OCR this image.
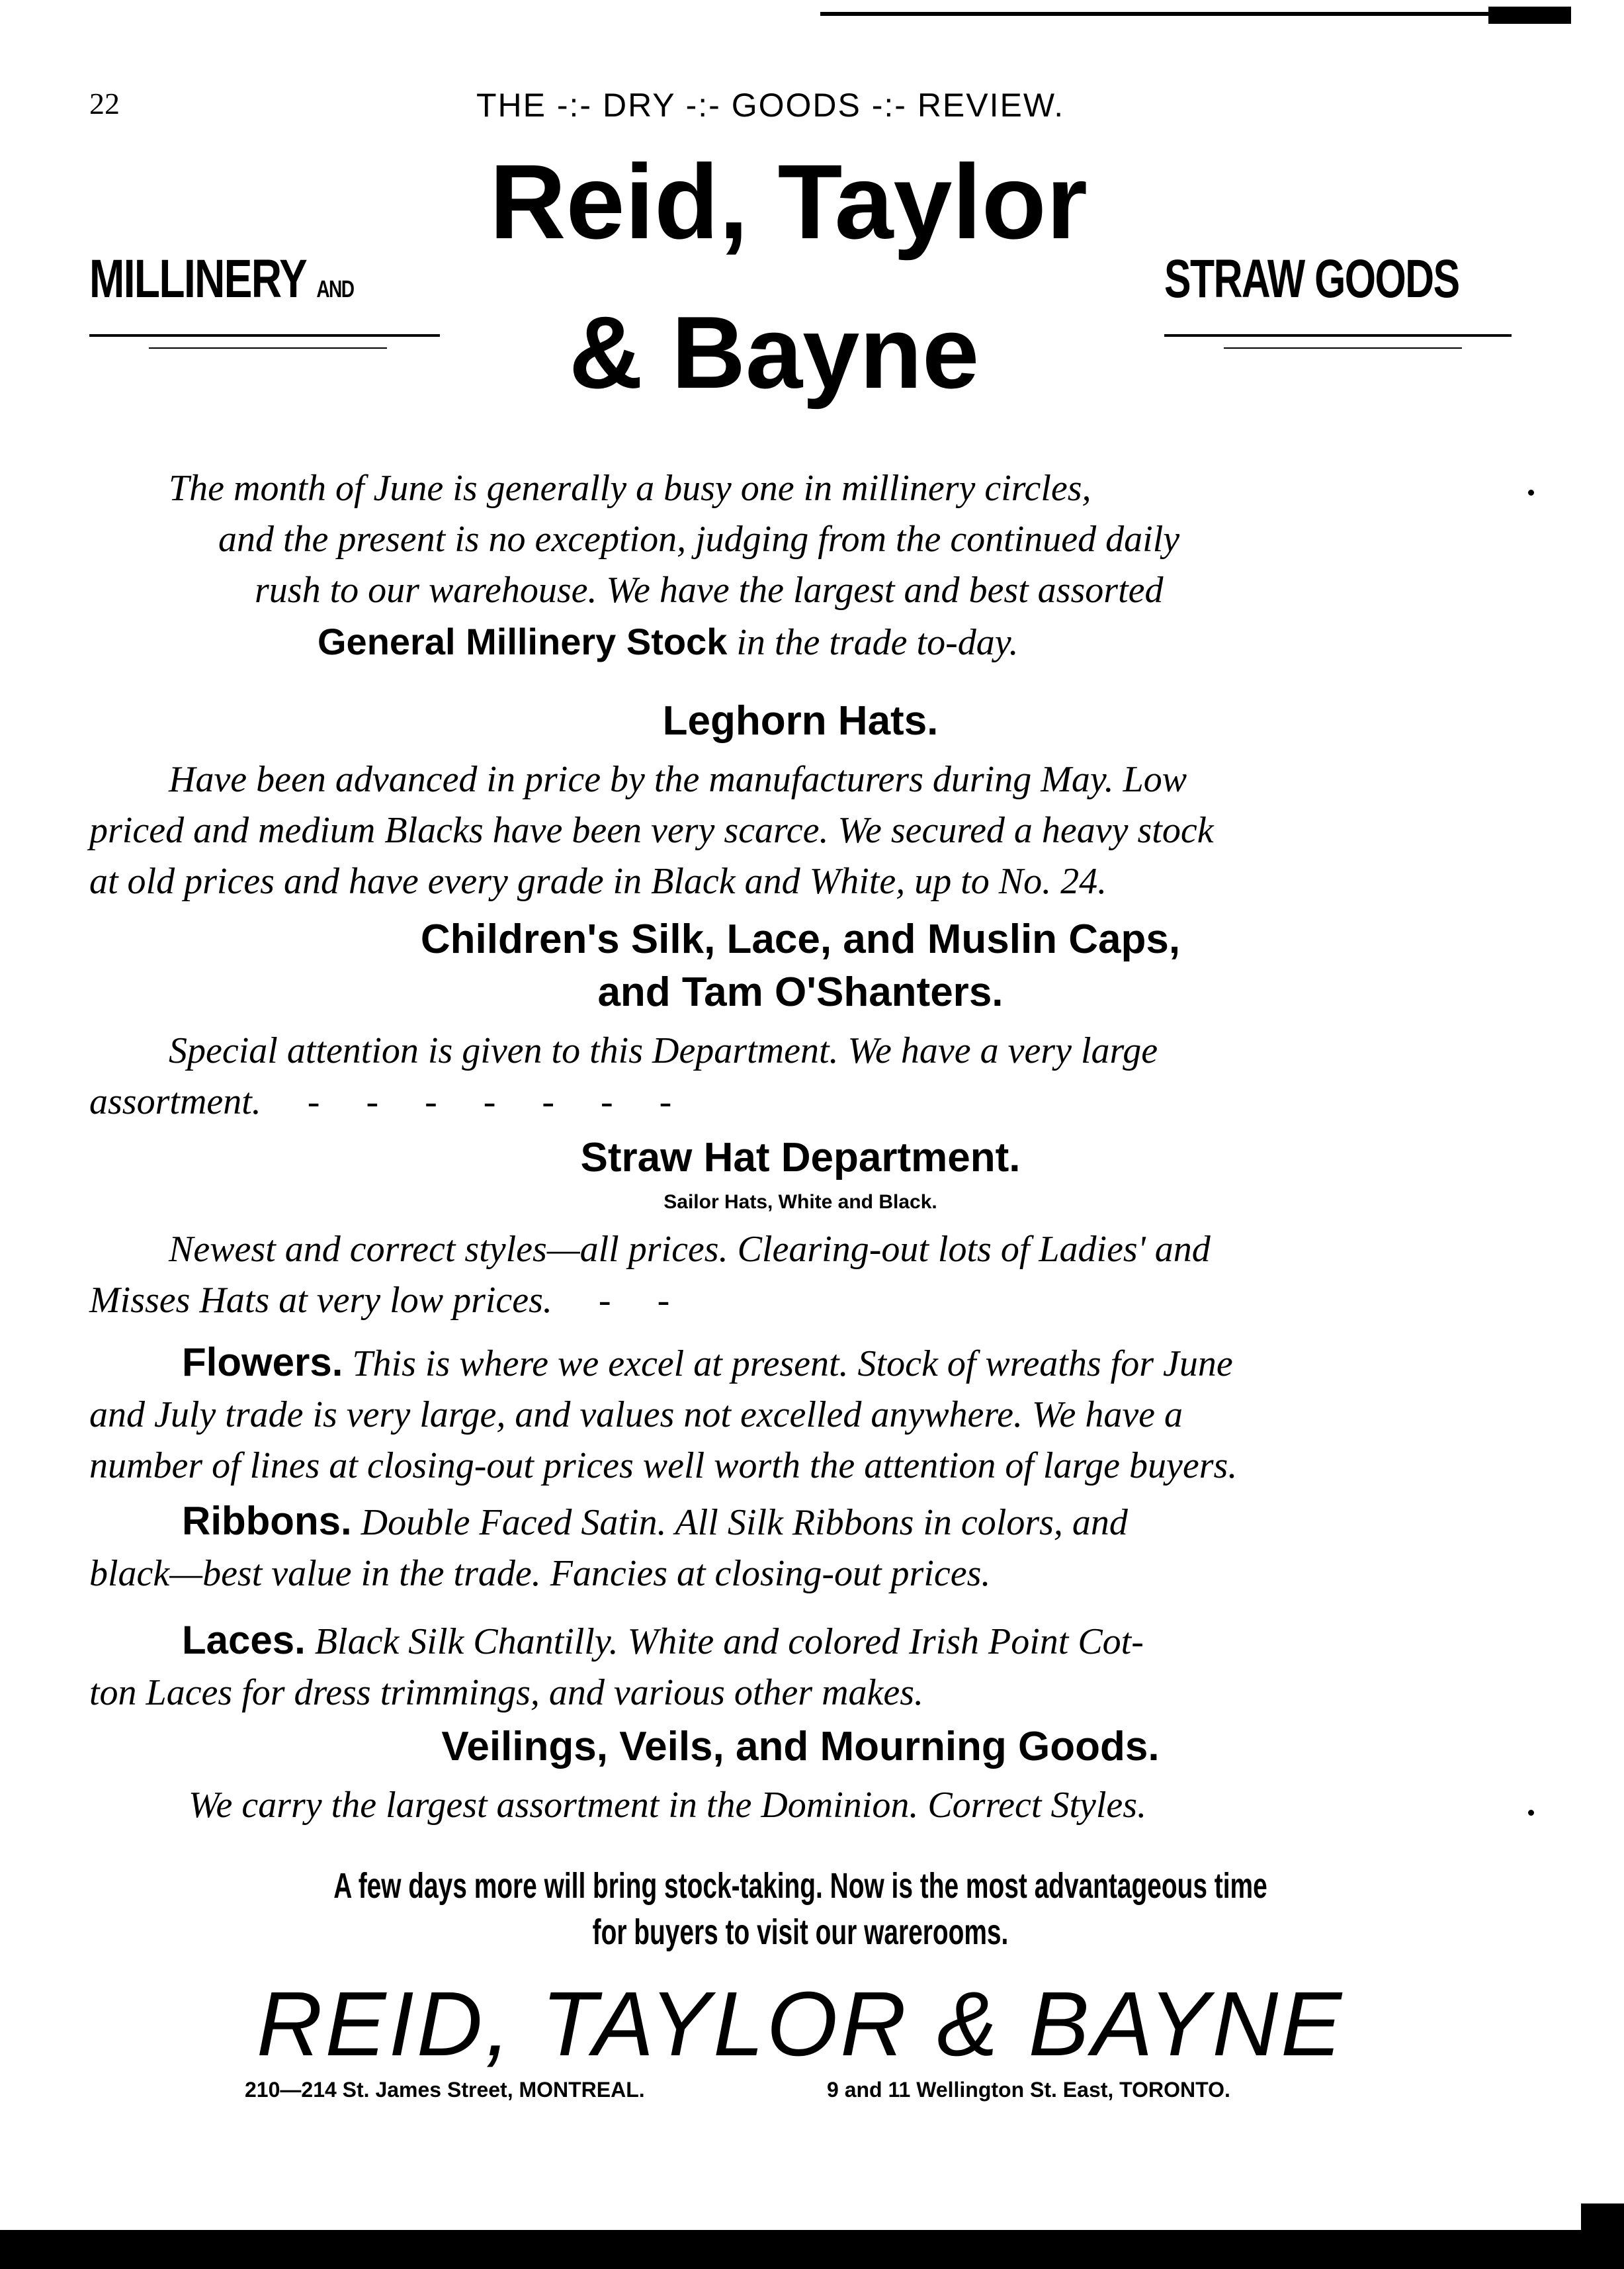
22	THE -:- DRY -:- GOODS -:- REVIEW.
MILLINERY AND	STRAW GOODS
Reid, Taylor
& Bayne
The month of June is generally a busy one in millinery circles,
and the present is no exception, judging from the continued daily
rush to our warehouse. We have the largest and best assorted
General Millinery Stock in the trade to-day.
Leghorn Hats.
Have been advanced in price by the manufacturers during May. Low
priced and medium Blacks have been very scarce. We secured a heavy stock
at old prices and have every grade in Black and White, up to No. 24.
Children's Silk, Lace, and Muslin Caps,
and Tam O'Shanters.
Special attention is given to this Department. We have a very large
assortment.     -     -     -     -     -     -     -
Straw Hat Department.
Sailor Hats, White and Black.
Newest and correct styles—all prices. Clearing-out lots of Ladies' and
Misses Hats at very low prices.     -     -
Flowers. This is where we excel at present. Stock of wreaths for June
and July trade is very large, and values not excelled anywhere. We have a
number of lines at closing-out prices well worth the attention of large buyers.
Ribbons. Double Faced Satin. All Silk Ribbons in colors, and
black—best value in the trade. Fancies at closing-out prices.
Laces. Black Silk Chantilly. White and colored Irish Point Cot-
ton Laces for dress trimmings, and various other makes.
Veilings, Veils, and Mourning Goods.
We carry the largest assortment in the Dominion. Correct Styles.
A few days more will bring stock-taking. Now is the most advantageous time
for buyers to visit our warerooms.
REID, TAYLOR & BAYNE
210—214 St. James Street, MONTREAL.	9 and 11 Wellington St. East, TORONTO.
